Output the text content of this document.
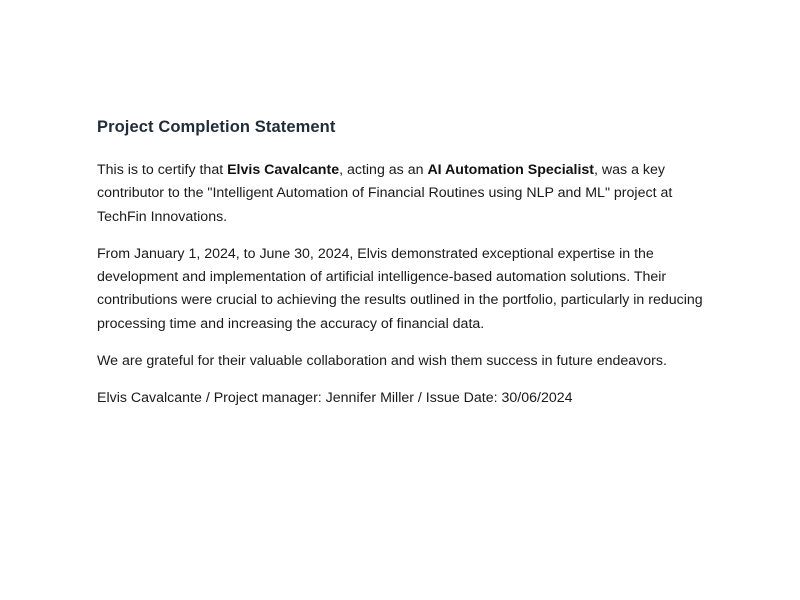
Project Completion Statement

This is to certify that Elvis Cavalcante, acting as an AI Automation Specialist, was a key contributor to the "Intelligent Automation of Financial Routines using NLP and ML" project at TechFin Innovations.

From January 1, 2024, to June 30, 2024, Elvis demonstrated exceptional expertise in the development and implementation of artificial intelligence-based automation solutions. Their contributions were crucial to achieving the results outlined in the portfolio, particularly in reducing processing time and increasing the accuracy of financial data.

We are grateful for their valuable collaboration and wish them success in future endeavors.

Elvis Cavalcante / Project manager: Jennifer Miller / Issue Date: 30/06/2024
